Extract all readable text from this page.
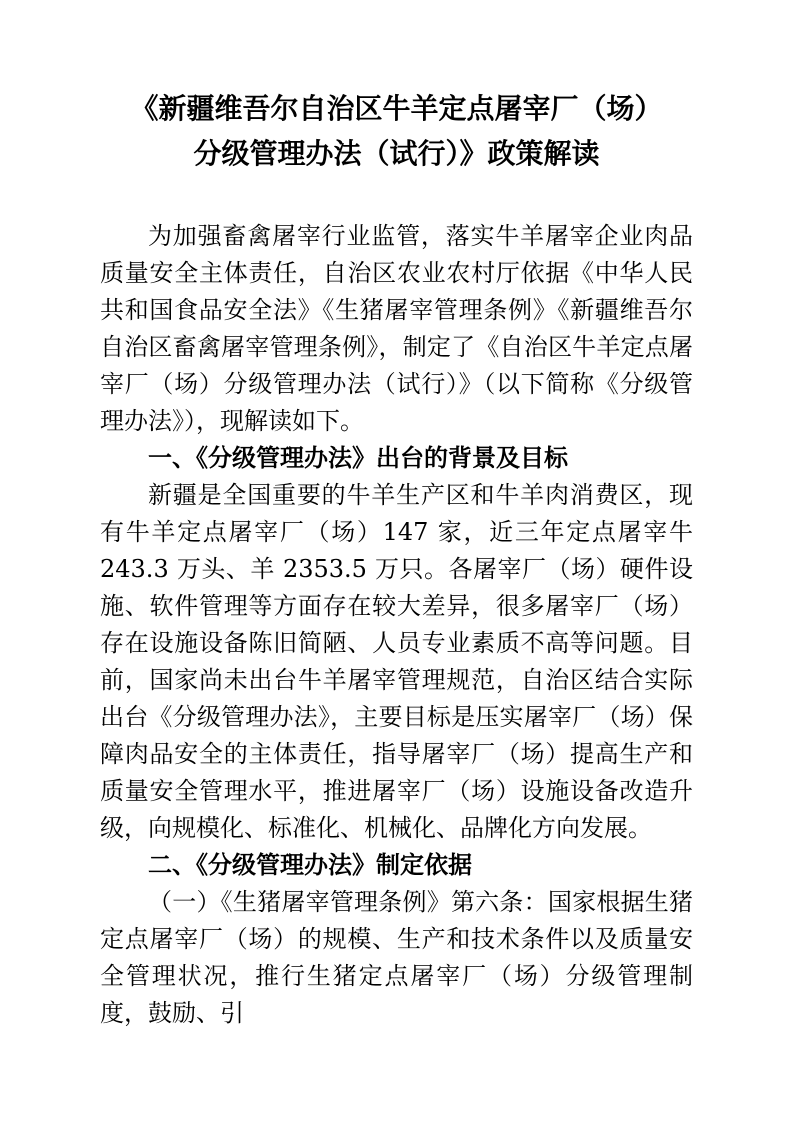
《新疆维吾尔自治区牛羊定点屠宰厂（场）分级管理办法（试行）》政策解读

为加强畜禽屠宰行业监管，落实牛羊屠宰企业肉品质量安全主体责任，自治区农业农村厅依据《中华人民共和国食品安全法》《生猪屠宰管理条例》《新疆维吾尔自治区畜禽屠宰管理条例》，制定了《自治区牛羊定点屠宰厂（场）分级管理办法（试行）》（以下简称《分级管理办法》），现解读如下。

一、《分级管理办法》出台的背景及目标

新疆是全国重要的牛羊生产区和牛羊肉消费区，现有牛羊定点屠宰厂（场）147 家，近三年定点屠宰牛 243.3 万头、羊 2353.5 万只。各屠宰厂（场）硬件设施、软件管理等方面存在较大差异，很多屠宰厂（场）存在设施设备陈旧简陋、人员专业素质不高等问题。目前，国家尚未出台牛羊屠宰管理规范，自治区结合实际出台《分级管理办法》，主要目标是压实屠宰厂（场）保障肉品安全的主体责任，指导屠宰厂（场）提高生产和质量安全管理水平，推进屠宰厂（场）设施设备改造升级，向规模化、标准化、机械化、品牌化方向发展。

二、《分级管理办法》制定依据

（一）《生猪屠宰管理条例》第六条：国家根据生猪定点屠宰厂（场）的规模、生产和技术条件以及质量安全管理状况，推行生猪定点屠宰厂（场）分级管理制度，鼓励、引
